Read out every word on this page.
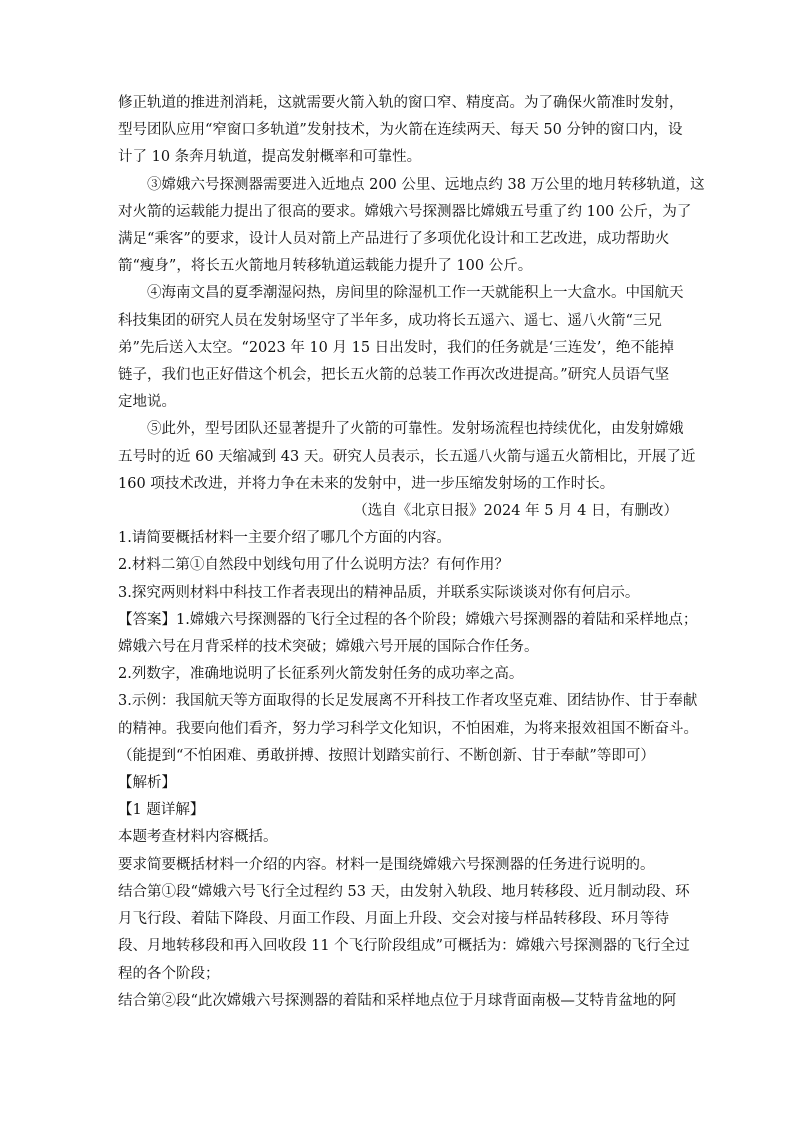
修正轨道的推进剂消耗，这就需要火箭入轨的窗口窄、精度高。为了确保火箭准时发射，
型号团队应用“窄窗口多轨道”发射技术，为火箭在连续两天、每天 50 分钟的窗口内，设
计了 10 条奔月轨道，提高发射概率和可靠性。
③嫦娥六号探测器需要进入近地点 200 公里、远地点约 38 万公里的地月转移轨道，这
对火箭的运载能力提出了很高的要求。嫦娥六号探测器比嫦娥五号重了约 100 公斤，为了
满足“乘客”的要求，设计人员对箭上产品进行了多项优化设计和工艺改进，成功帮助火
箭“瘦身”，将长五火箭地月转移轨道运载能力提升了 100 公斤。
④海南文昌的夏季潮湿闷热，房间里的除湿机工作一天就能积上一大盒水。中国航天
科技集团的研究人员在发射场坚守了半年多，成功将长五遥六、遥七、遥八火箭“三兄
弟”先后送入太空。“2023 年 10 月 15 日出发时，我们的任务就是‘三连发’，绝不能掉
链子，我们也正好借这个机会，把长五火箭的总装工作再次改进提高。”研究人员语气坚
定地说。
⑤此外，型号团队还显著提升了火箭的可靠性。发射场流程也持续优化，由发射嫦娥
五号时的近 60 天缩减到 43 天。研究人员表示，长五遥八火箭与遥五火箭相比，开展了近
160 项技术改进，并将力争在未来的发射中，进一步压缩发射场的工作时长。
（选自《北京日报》2024 年 5 月 4 日，有删改）
1.请简要概括材料一主要介绍了哪几个方面的内容。
2.材料二第①自然段中划线句用了什么说明方法？有何作用？
3.探究两则材料中科技工作者表现出的精神品质，并联系实际谈谈对你有何启示。
【答案】1.嫦娥六号探测器的飞行全过程的各个阶段；嫦娥六号探测器的着陆和采样地点；
嫦娥六号在月背采样的技术突破；嫦娥六号开展的国际合作任务。
2.列数字，准确地说明了长征系列火箭发射任务的成功率之高。
3.示例：我国航天等方面取得的长足发展离不开科技工作者攻坚克难、团结协作、甘于奉献
的精神。我要向他们看齐，努力学习科学文化知识，不怕困难，为将来报效祖国不断奋斗。
（能提到“不怕困难、勇敢拼搏、按照计划踏实前行、不断创新、甘于奉献”等即可）
【解析】
【1 题详解】
本题考查材料内容概括。
要求简要概括材料一介绍的内容。材料一是围绕嫦娥六号探测器的任务进行说明的。
结合第①段“嫦娥六号飞行全过程约 53 天，由发射入轨段、地月转移段、近月制动段、环
月飞行段、着陆下降段、月面工作段、月面上升段、交会对接与样品转移段、环月等待
段、月地转移段和再入回收段 11 个飞行阶段组成”可概括为：嫦娥六号探测器的飞行全过
程的各个阶段；
结合第②段“此次嫦娥六号探测器的着陆和采样地点位于月球背面南极—艾特肯盆地的阿
